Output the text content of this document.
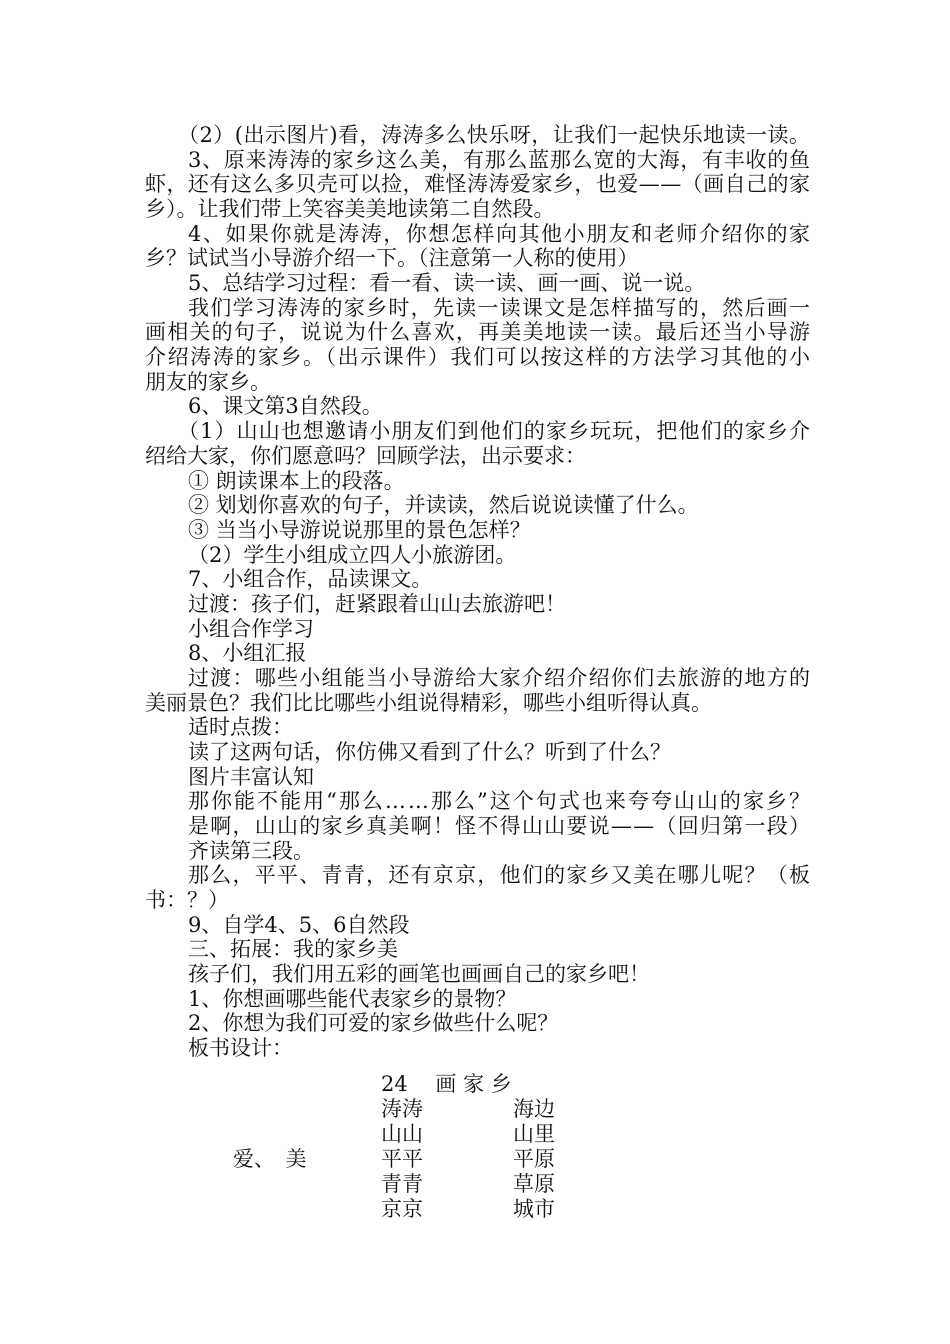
（2）(出示图片)看，涛涛多么快乐呀，让我们一起快乐地读一读。
3、原来涛涛的家乡这么美，有那么蓝那么宽的大海，有丰收的鱼
虾，还有这么多贝壳可以捡，难怪涛涛爱家乡，也爱——（画自己的家
乡）。让我们带上笑容美美地读第二自然段。
4、如果你就是涛涛，你想怎样向其他小朋友和老师介绍你的家
乡？试试当小导游介绍一下。（注意第一人称的使用）
5、总结学习过程：看一看、读一读、画一画、说一说。
我们学习涛涛的家乡时，先读一读课文是怎样描写的，然后画一
画相关的句子，说说为什么喜欢，再美美地读一读。最后还当小导游
介绍涛涛的家乡。（出示课件）我们可以按这样的方法学习其他的小
朋友的家乡。
6、课文第3自然段。
（1）山山也想邀请小朋友们到他们的家乡玩玩，把他们的家乡介
绍给大家，你们愿意吗？回顾学法，出示要求：
① 朗读课本上的段落。
② 划划你喜欢的句子，并读读，然后说说读懂了什么。
③ 当当小导游说说那里的景色怎样？
（2）学生小组成立四人小旅游团。
7、小组合作，品读课文。
过渡：孩子们，赶紧跟着山山去旅游吧！
小组合作学习
8、小组汇报
过渡：哪些小组能当小导游给大家介绍介绍你们去旅游的地方的
美丽景色？我们比比哪些小组说得精彩，哪些小组听得认真。
适时点拨：
读了这两句话，你仿佛又看到了什么？听到了什么？
图片丰富认知
那你能不能用“那么……那么”这个句式也来夸夸山山的家乡？
是啊，山山的家乡真美啊！怪不得山山要说——（回归第一段）
齐读第三段。
那么，平平、青青，还有京京，他们的家乡又美在哪儿呢？（板
书：？）
9、自学4、5、6自然段
三、拓展：我的家乡美
孩子们，我们用五彩的画笔也画画自己的家乡吧！
1、你想画哪些能代表家乡的景物？
2、你想为我们可爱的家乡做些什么呢？
板书设计：
24　 画 家 乡
爱、　美
涛涛
山山
平平
青青
京京
海边
山里
平原
草原
城市
